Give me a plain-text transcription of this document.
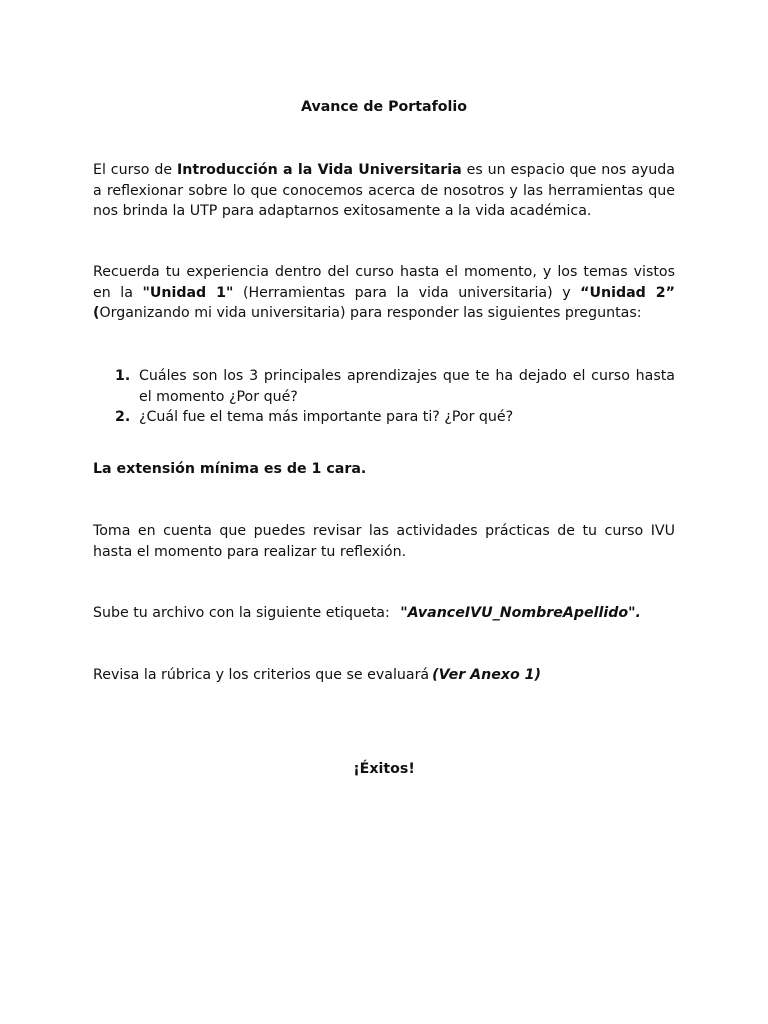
Avance de Portafolio

El curso de Introducción a la Vida Universitaria es un espacio que nos ayuda a reflexionar sobre lo que conocemos acerca de nosotros y las herramientas que nos brinda la UTP para adaptarnos exitosamente a la vida académica.

Recuerda tu experiencia dentro del curso hasta el momento, y los temas vistos en la "Unidad 1" (Herramientas para la vida universitaria) y “Unidad 2” (Organizando mi vida universitaria) para responder las siguientes preguntas:

1. Cuáles son los 3 principales aprendizajes que te ha dejado el curso hasta el momento ¿Por qué?
2. ¿Cuál fue el tema más importante para ti? ¿Por qué?

La extensión mínima es de 1 cara.

Toma en cuenta que puedes revisar las actividades prácticas de tu curso IVU hasta el momento para realizar tu reflexión.

Sube tu archivo con la siguiente etiqueta: "AvanceIVU_NombreApellido".

Revisa la rúbrica y los criterios que se evaluará (Ver Anexo 1)

¡Éxitos!
